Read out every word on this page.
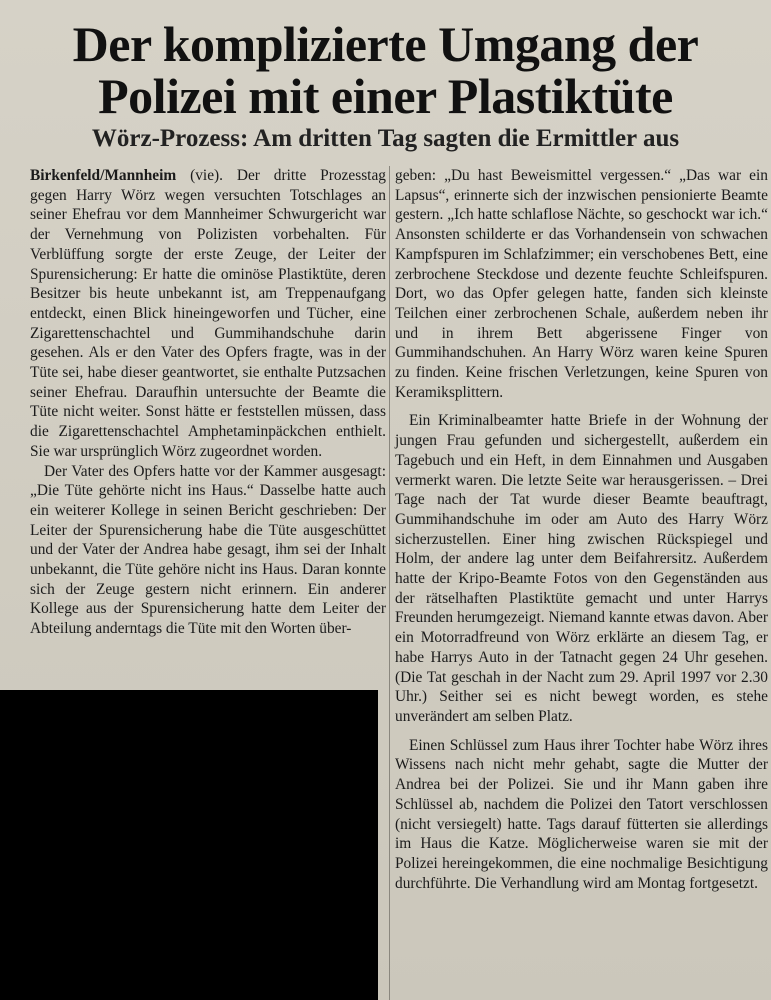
Der komplizierte Umgang der
Polizei mit einer Plastiktüte
Wörz-Prozess: Am dritten Tag sagten die Ermittler aus

Birkenfeld/Mannheim (vie). Der dritte Prozesstag gegen Harry Wörz wegen versuchten Totschlages an seiner Ehefrau vor dem Mannheimer Schwurgericht war der Vernehmung von Polizisten vorbehalten. Für Verblüffung sorgte der erste Zeuge, der Leiter der Spurensicherung: Er hatte die ominöse Plastiktüte, deren Besitzer bis heute unbekannt ist, am Treppenaufgang entdeckt, einen Blick hineingeworfen und Tücher, eine Zigarettenschachtel und Gummihandschuhe darin gesehen. Als er den Vater des Opfers fragte, was in der Tüte sei, habe dieser geantwortet, sie enthalte Putzsachen seiner Ehefrau. Daraufhin untersuchte der Beamte die Tüte nicht weiter. Sonst hätte er feststellen müssen, dass die Zigarettenschachtel Amphetaminpäckchen enthielt. Sie war ursprünglich Wörz zugeordnet worden.

Der Vater des Opfers hatte vor der Kammer ausgesagt: „Die Tüte gehörte nicht ins Haus.“ Dasselbe hatte auch ein weiterer Kollege in seinen Bericht geschrieben: Der Leiter der Spurensicherung habe die Tüte ausgeschüttet und der Vater der Andrea habe gesagt, ihm sei der Inhalt unbekannt, die Tüte gehöre nicht ins Haus. Daran konnte sich der Zeuge gestern nicht erinnern. Ein anderer Kollege aus der Spurensicherung hatte dem Leiter der Abteilung anderntags die Tüte mit den Worten über-

geben: „Du hast Beweismittel vergessen.“ „Das war ein Lapsus“, erinnerte sich der inzwischen pensionierte Beamte gestern. „Ich hatte schlaflose Nächte, so geschockt war ich.“ Ansonsten schilderte er das Vorhandensein von schwachen Kampfspuren im Schlafzimmer; ein verschobenes Bett, eine zerbrochene Steckdose und dezente feuchte Schleifspuren. Dort, wo das Opfer gelegen hatte, fanden sich kleinste Teilchen einer zerbrochenen Schale, außerdem neben ihr und in ihrem Bett abgerissene Finger von Gummihandschuhen. An Harry Wörz waren keine Spuren zu finden. Keine frischen Verletzungen, keine Spuren von Keramiksplittern.

Ein Kriminalbeamter hatte Briefe in der Wohnung der jungen Frau gefunden und sichergestellt, außerdem ein Tagebuch und ein Heft, in dem Einnahmen und Ausgaben vermerkt waren. Die letzte Seite war herausgerissen. – Drei Tage nach der Tat wurde dieser Beamte beauftragt, Gummihandschuhe im oder am Auto des Harry Wörz sicherzustellen. Einer hing zwischen Rückspiegel und Holm, der andere lag unter dem Beifahrersitz. Außerdem hatte der Kripo-Beamte Fotos von den Gegenständen aus der rätselhaften Plastiktüte gemacht und unter Harrys Freunden herumgezeigt. Niemand kannte etwas davon. Aber ein Motorradfreund von Wörz erklärte an diesem Tag, er habe Harrys Auto in der Tatnacht gegen 24 Uhr gesehen. (Die Tat geschah in der Nacht zum 29. April 1997 vor 2.30 Uhr.) Seither sei es nicht bewegt worden, es stehe unverändert am selben Platz.

Einen Schlüssel zum Haus ihrer Tochter habe Wörz ihres Wissens nach nicht mehr gehabt, sagte die Mutter der Andrea bei der Polizei. Sie und ihr Mann gaben ihre Schlüssel ab, nachdem die Polizei den Tatort verschlossen (nicht versiegelt) hatte. Tags darauf fütterten sie allerdings im Haus die Katze. Möglicherweise waren sie mit der Polizei hereingekommen, die eine nochmalige Besichtigung durchführte. Die Verhandlung wird am Montag fortgesetzt.
